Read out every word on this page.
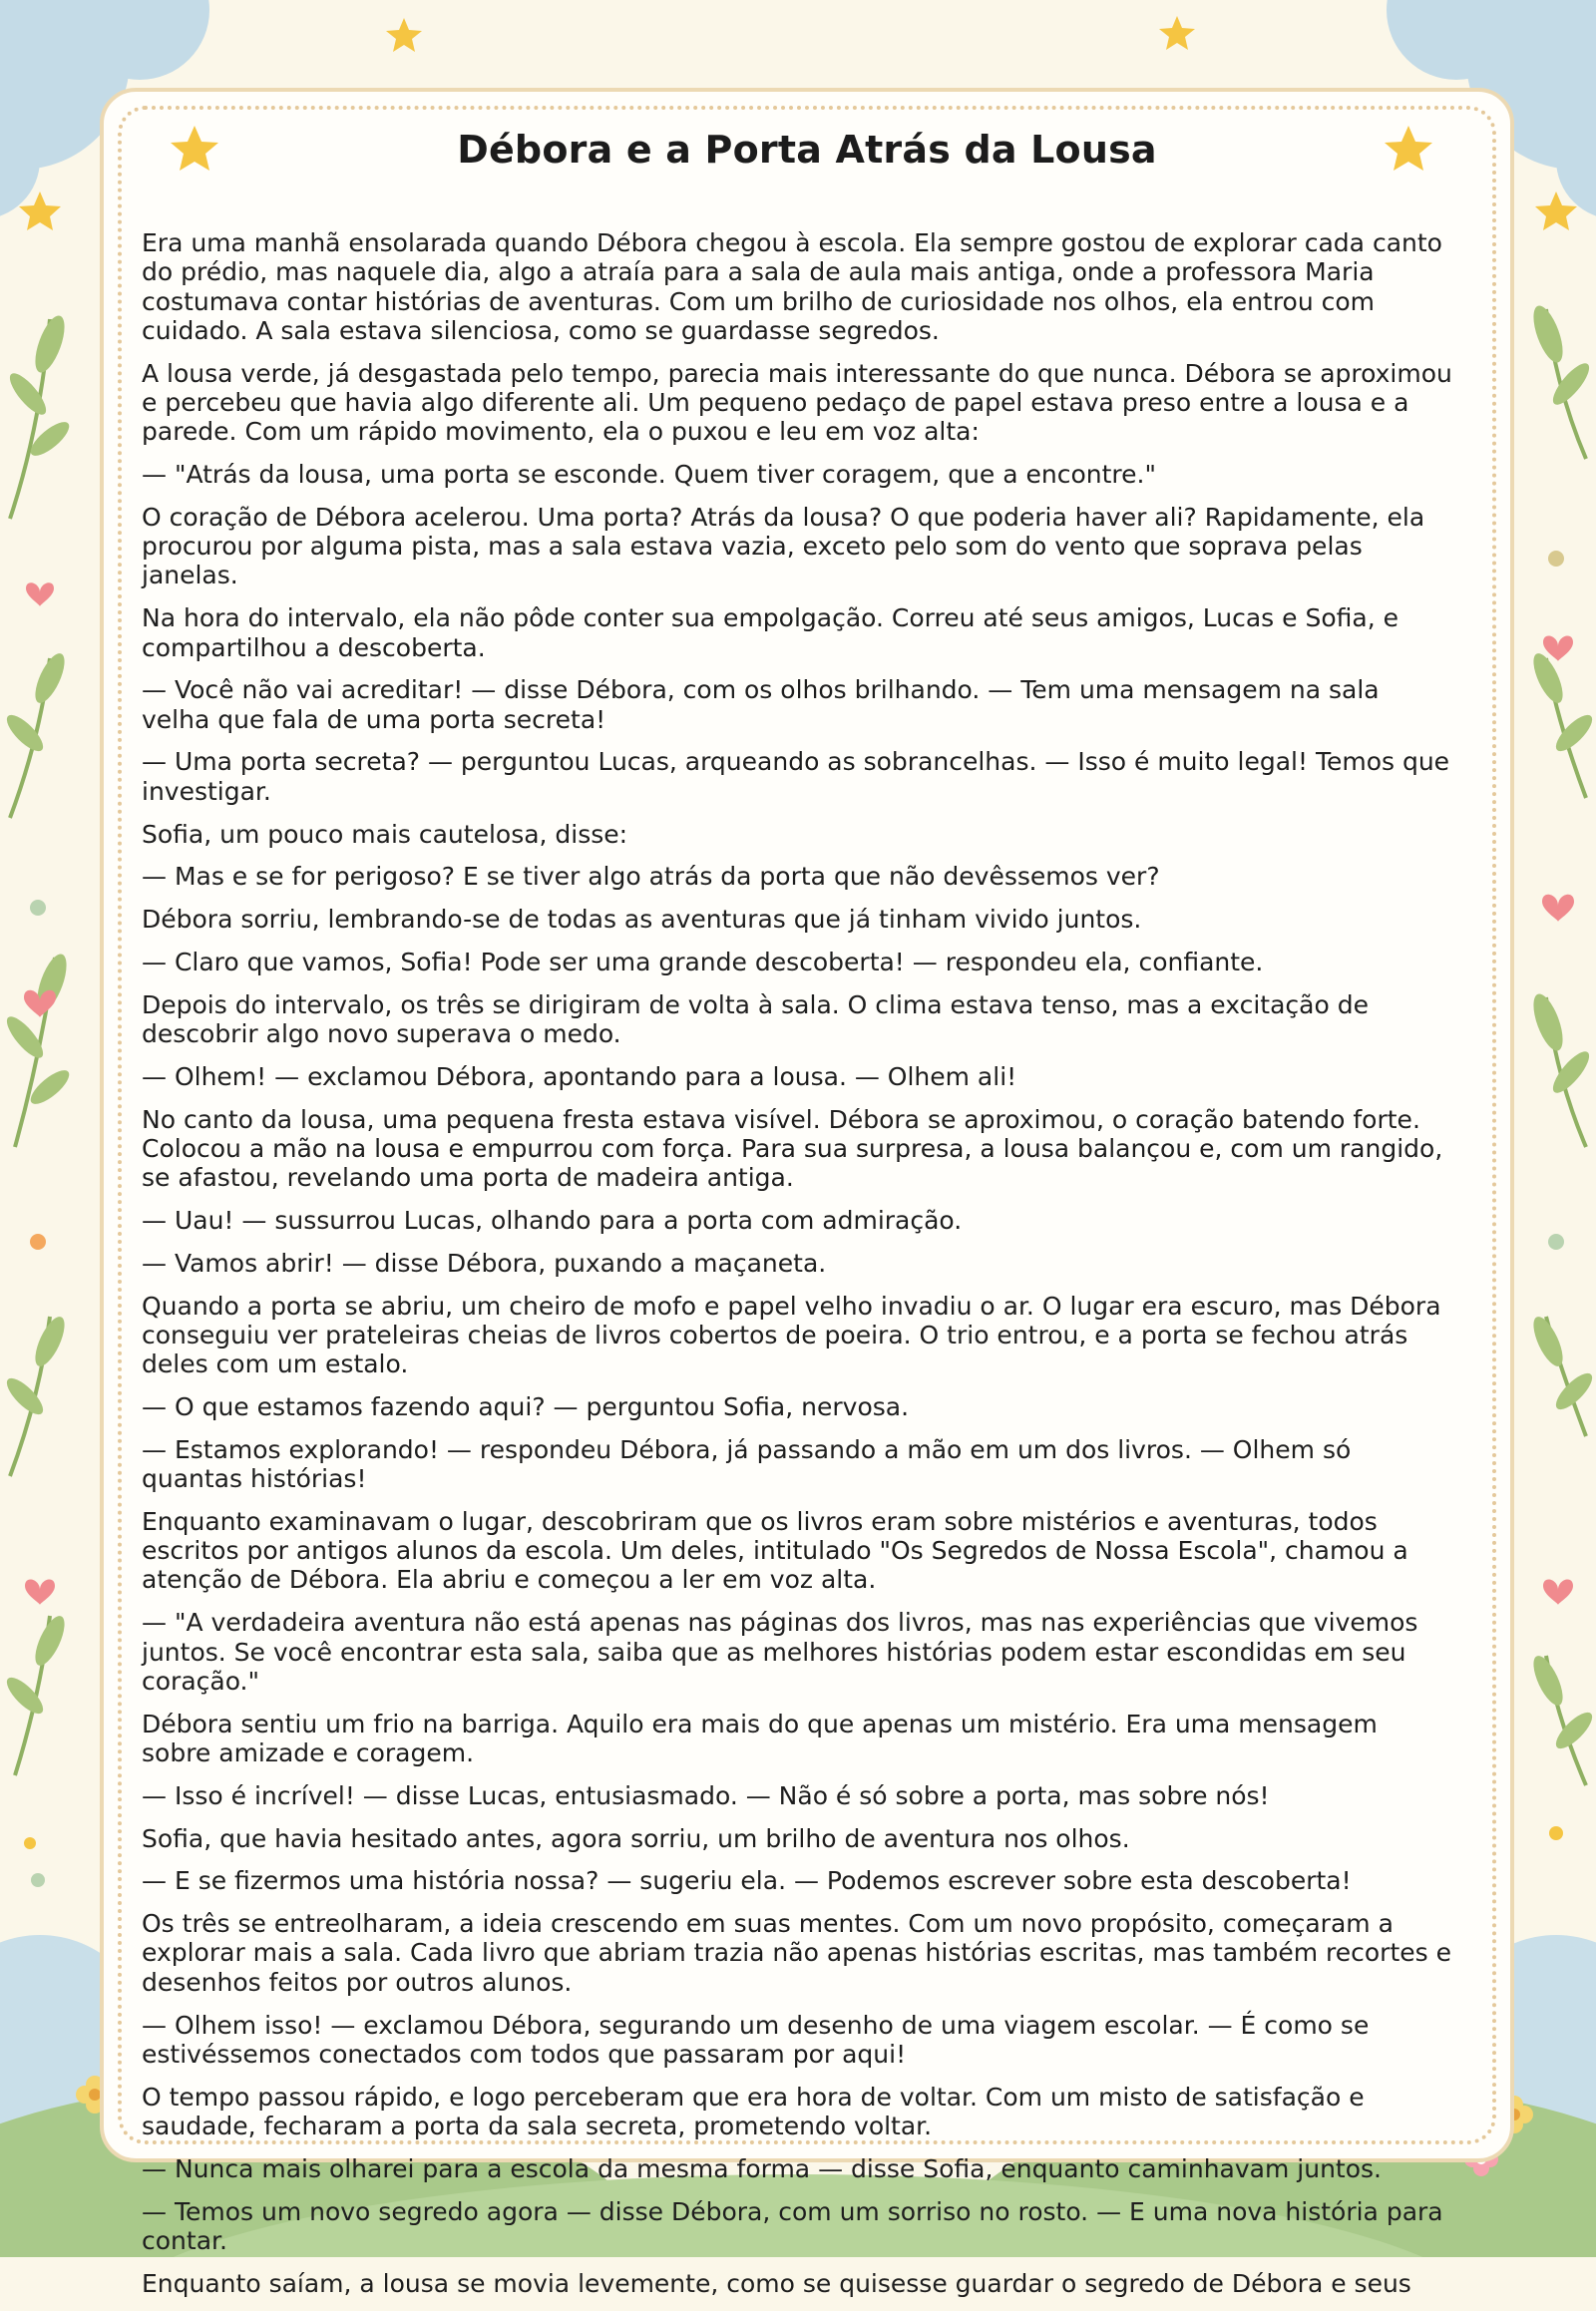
Débora e a Porta Atrás da Lousa

Era uma manhã ensolarada quando Débora chegou à escola. Ela sempre gostou de explorar cada canto do prédio, mas naquele dia, algo a atraía para a sala de aula mais antiga, onde a professora Maria costumava contar histórias de aventuras. Com um brilho de curiosidade nos olhos, ela entrou com cuidado. A sala estava silenciosa, como se guardasse segredos.

A lousa verde, já desgastada pelo tempo, parecia mais interessante do que nunca. Débora se aproximou e percebeu que havia algo diferente ali. Um pequeno pedaço de papel estava preso entre a lousa e a parede. Com um rápido movimento, ela o puxou e leu em voz alta:

— "Atrás da lousa, uma porta se esconde. Quem tiver coragem, que a encontre."

O coração de Débora acelerou. Uma porta? Atrás da lousa? O que poderia haver ali? Rapidamente, ela procurou por alguma pista, mas a sala estava vazia, exceto pelo som do vento que soprava pelas janelas.

Na hora do intervalo, ela não pôde conter sua empolgação. Correu até seus amigos, Lucas e Sofia, e compartilhou a descoberta.

— Você não vai acreditar! — disse Débora, com os olhos brilhando. — Tem uma mensagem na sala velha que fala de uma porta secreta!

— Uma porta secreta? — perguntou Lucas, arqueando as sobrancelhas. — Isso é muito legal! Temos que investigar.

Sofia, um pouco mais cautelosa, disse:

— Mas e se for perigoso? E se tiver algo atrás da porta que não devêssemos ver?

Débora sorriu, lembrando-se de todas as aventuras que já tinham vivido juntos.

— Claro que vamos, Sofia! Pode ser uma grande descoberta! — respondeu ela, confiante.

Depois do intervalo, os três se dirigiram de volta à sala. O clima estava tenso, mas a excitação de descobrir algo novo superava o medo.

— Olhem! — exclamou Débora, apontando para a lousa. — Olhem ali!

No canto da lousa, uma pequena fresta estava visível. Débora se aproximou, o coração batendo forte. Colocou a mão na lousa e empurrou com força. Para sua surpresa, a lousa balançou e, com um rangido, se afastou, revelando uma porta de madeira antiga.

— Uau! — sussurrou Lucas, olhando para a porta com admiração.

— Vamos abrir! — disse Débora, puxando a maçaneta.

Quando a porta se abriu, um cheiro de mofo e papel velho invadiu o ar. O lugar era escuro, mas Débora conseguiu ver prateleiras cheias de livros cobertos de poeira. O trio entrou, e a porta se fechou atrás deles com um estalo.

— O que estamos fazendo aqui? — perguntou Sofia, nervosa.

— Estamos explorando! — respondeu Débora, já passando a mão em um dos livros. — Olhem só quantas histórias!

Enquanto examinavam o lugar, descobriram que os livros eram sobre mistérios e aventuras, todos escritos por antigos alunos da escola. Um deles, intitulado "Os Segredos de Nossa Escola", chamou a atenção de Débora. Ela abriu e começou a ler em voz alta.

— "A verdadeira aventura não está apenas nas páginas dos livros, mas nas experiências que vivemos juntos. Se você encontrar esta sala, saiba que as melhores histórias podem estar escondidas em seu coração."

Débora sentiu um frio na barriga. Aquilo era mais do que apenas um mistério. Era uma mensagem sobre amizade e coragem.

— Isso é incrível! — disse Lucas, entusiasmado. — Não é só sobre a porta, mas sobre nós!

Sofia, que havia hesitado antes, agora sorriu, um brilho de aventura nos olhos.

— E se fizermos uma história nossa? — sugeriu ela. — Podemos escrever sobre esta descoberta!

Os três se entreolharam, a ideia crescendo em suas mentes. Com um novo propósito, começaram a explorar mais a sala. Cada livro que abriam trazia não apenas histórias escritas, mas também recortes e desenhos feitos por outros alunos.

— Olhem isso! — exclamou Débora, segurando um desenho de uma viagem escolar. — É como se estivéssemos conectados com todos que passaram por aqui!

O tempo passou rápido, e logo perceberam que era hora de voltar. Com um misto de satisfação e saudade, fecharam a porta da sala secreta, prometendo voltar.

— Nunca mais olharei para a escola da mesma forma — disse Sofia, enquanto caminhavam juntos.

— Temos um novo segredo agora — disse Débora, com um sorriso no rosto. — E uma nova história para contar.

Enquanto saíam, a lousa se movia levemente, como se quisesse guardar o segredo de Débora e seus
